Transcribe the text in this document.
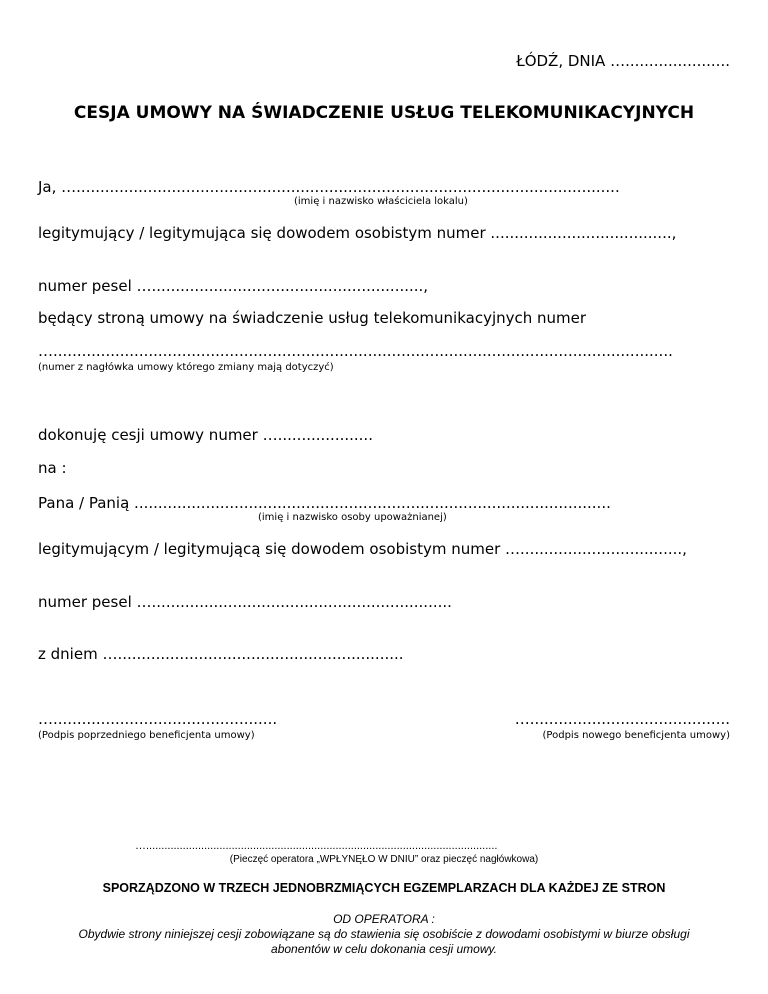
ŁÓDŹ, DNIA …......................
CESJA UMOWY NA ŚWIADCZENIE USŁUG TELEKOMUNIKACYJNYCH
Ja, …..................................................................................................................
(imię i nazwisko właściciela lokalu)
legitymujący / legitymująca się dowodem osobistym numer ......................................,
numer pesel ….........................................................,
będący stroną umowy na świadczenie usług telekomunikacyjnych numer
…..................................................................................................................................
(numer z nagłówka umowy którego zmiany mają dotyczyć)
dokonuję cesji umowy numer …....................
na :
Pana / Panią ....................................................................................................
(imię i nazwisko osoby upoważnianej)
legitymującym / legitymującą się dowodem osobistym numer …..................................,
numer pesel …...............................................................
z dniem …............................................................
…...............................................
(Podpis poprzedniego beneficjenta umowy)
…..........................................
(Podpis nowego beneficjenta umowy)
…...................................................................................................................
(Pieczęć operatora „WPŁYNĘŁO W DNIU” oraz pieczęć nagłówkowa)
SPORZĄDZONO W TRZECH JEDNOBRZMIĄCYCH EGZEMPLARZACH DLA KAŻDEJ ZE STRON
OD OPERATORA :
Obydwie strony niniejszej cesji zobowiązane są do stawienia się osobiście z dowodami osobistymi w biurze obsługi
abonentów w celu dokonania cesji umowy.
